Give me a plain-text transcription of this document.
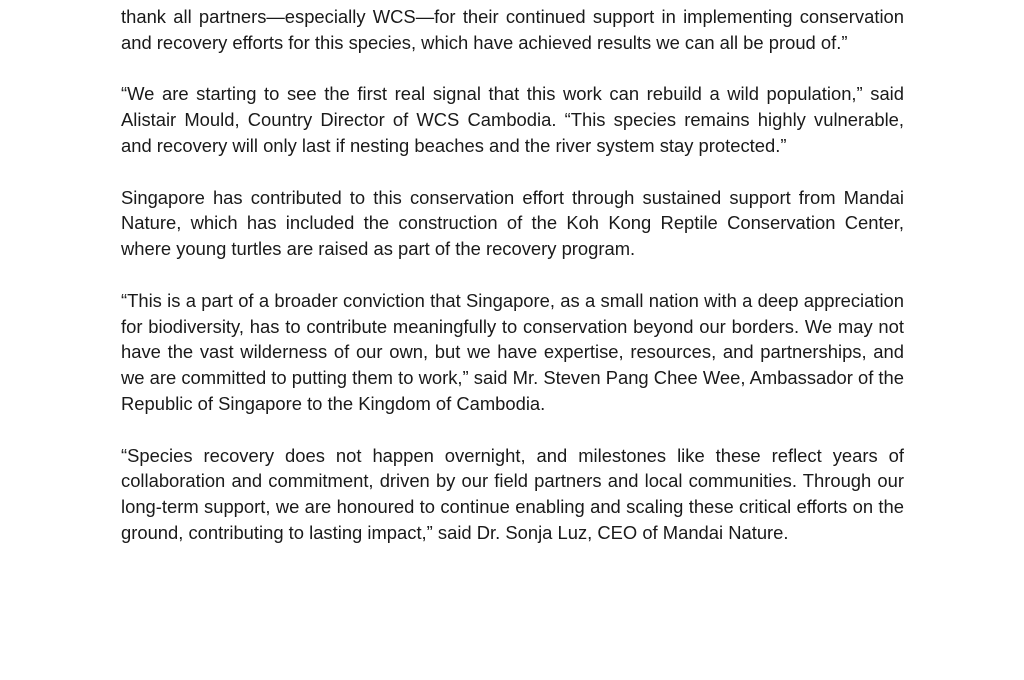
thank all partners—especially WCS—for their continued support in implementing conservation and recovery efforts for this species, which have achieved results we can all be proud of.”

“We are starting to see the first real signal that this work can rebuild a wild population,” said Alistair Mould, Country Director of WCS Cambodia. “This species remains highly vulnerable, and recovery will only last if nesting beaches and the river system stay protected.”

Singapore has contributed to this conservation effort through sustained support from Mandai Nature, which has included the construction of the Koh Kong Reptile Conservation Center, where young turtles are raised as part of the recovery program.

“This is a part of a broader conviction that Singapore, as a small nation with a deep appreciation for biodiversity, has to contribute meaningfully to conservation beyond our borders. We may not have the vast wilderness of our own, but we have expertise, resources, and partnerships, and we are committed to putting them to work,” said Mr. Steven Pang Chee Wee, Ambassador of the Republic of Singapore to the Kingdom of Cambodia.

“Species recovery does not happen overnight, and milestones like these reflect years of collaboration and commitment, driven by our field partners and local communities. Through our long-term support, we are honoured to continue enabling and scaling these critical efforts on the ground, contributing to lasting impact,” said Dr. Sonja Luz, CEO of Mandai Nature.
